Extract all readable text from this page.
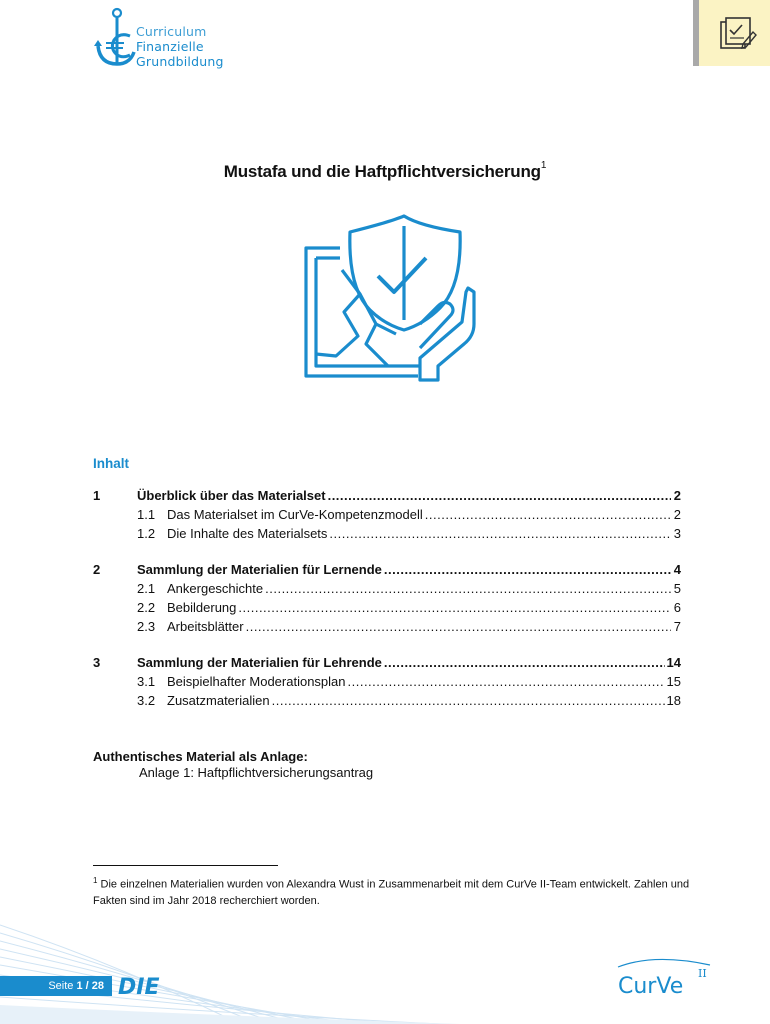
Curriculum
Finanzielle
Grundbildung
Mustafa und die Haftpflichtversicherung$^1$
Inhalt
1	Überblick über das Materialset .....	2
1.1 Das Materialset im CurVe-Kompetenzmodell .....	2
1.2 Die Inhalte des Materialsets .....	3
2	Sammlung der Materialien für Lernende .....	4
2.1 Ankergeschichte .....	5
2.2 Bebilderung .....	6
2.3 Arbeitsblätter .....	7
3	Sammlung der Materialien für Lehrende .....	14
3.1 Beispielhafter Moderationsplan .....	15
3.2 Zusatzmaterialien .....	18
Authentisches Material als Anlage:
Anlage 1: Haftpflichtversicherungsantrag
$^1$ Die einzelnen Materialien wurden von Alexandra Wust in Zusammenarbeit mit dem CurVe II-Team entwickelt. Zahlen und Fakten sind im Jahr 2018 recherchiert worden.
Seite 1 / 28 DIE	CurVe
II
